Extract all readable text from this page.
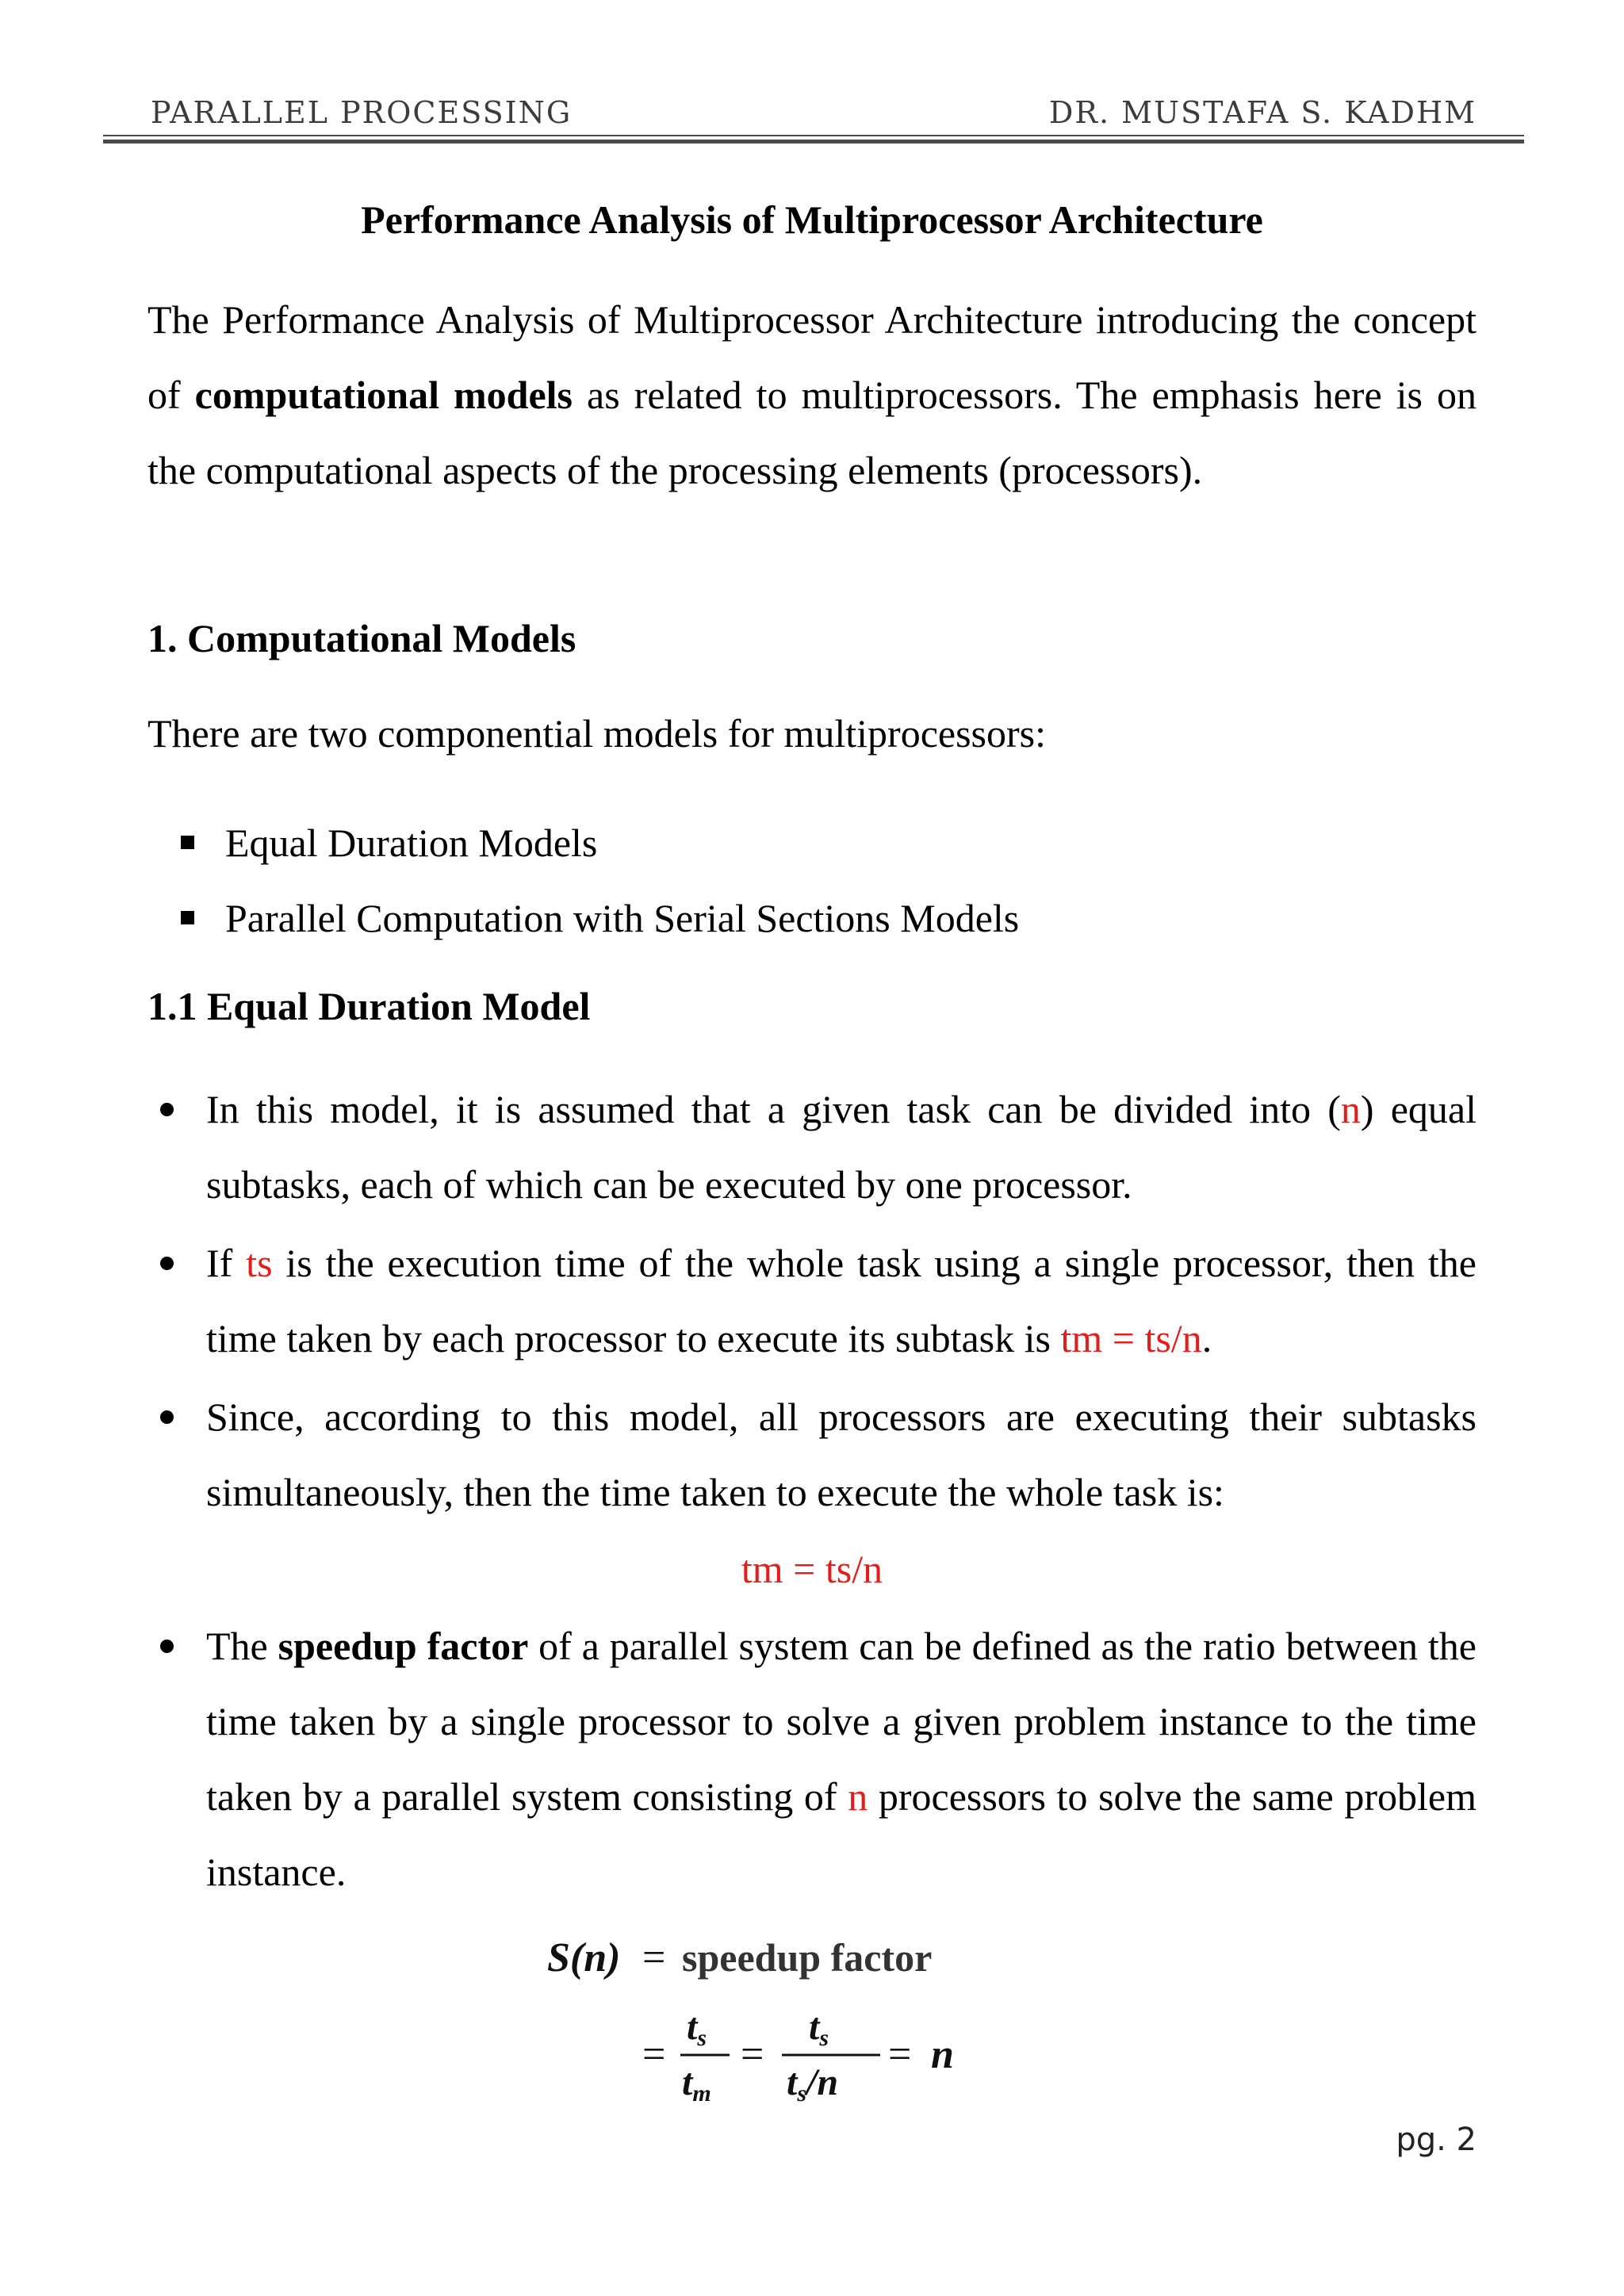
PARALLEL PROCESSING	DR. MUSTAFA S. KADHM
Performance Analysis of Multiprocessor Architecture
The Performance Analysis of Multiprocessor Architecture introducing the concept of computational models as related to multiprocessors. The emphasis here is on the computational aspects of the processing elements (processors).
1. Computational Models
There are two componential models for multiprocessors:
Equal Duration Models
Parallel Computation with Serial Sections Models
1.1 Equal Duration Model
In this model, it is assumed that a given task can be divided into (n) equal subtasks, each of which can be executed by one processor.
If ts is the execution time of the whole task using a single processor, then the time taken by each processor to execute its subtask is tm = ts/n.
Since, according to this model, all processors are executing their subtasks simultaneously, then the time taken to execute the whole task is:
tm = ts/n
The speedup factor of a parallel system can be defined as the ratio between the time taken by a single processor to solve a given problem instance to the time taken by a parallel system consisting of n processors to solve the same problem instance.
S(n) = speedup factor
=
ts
tm
=
ts
ts/n
= n
pg. 2
